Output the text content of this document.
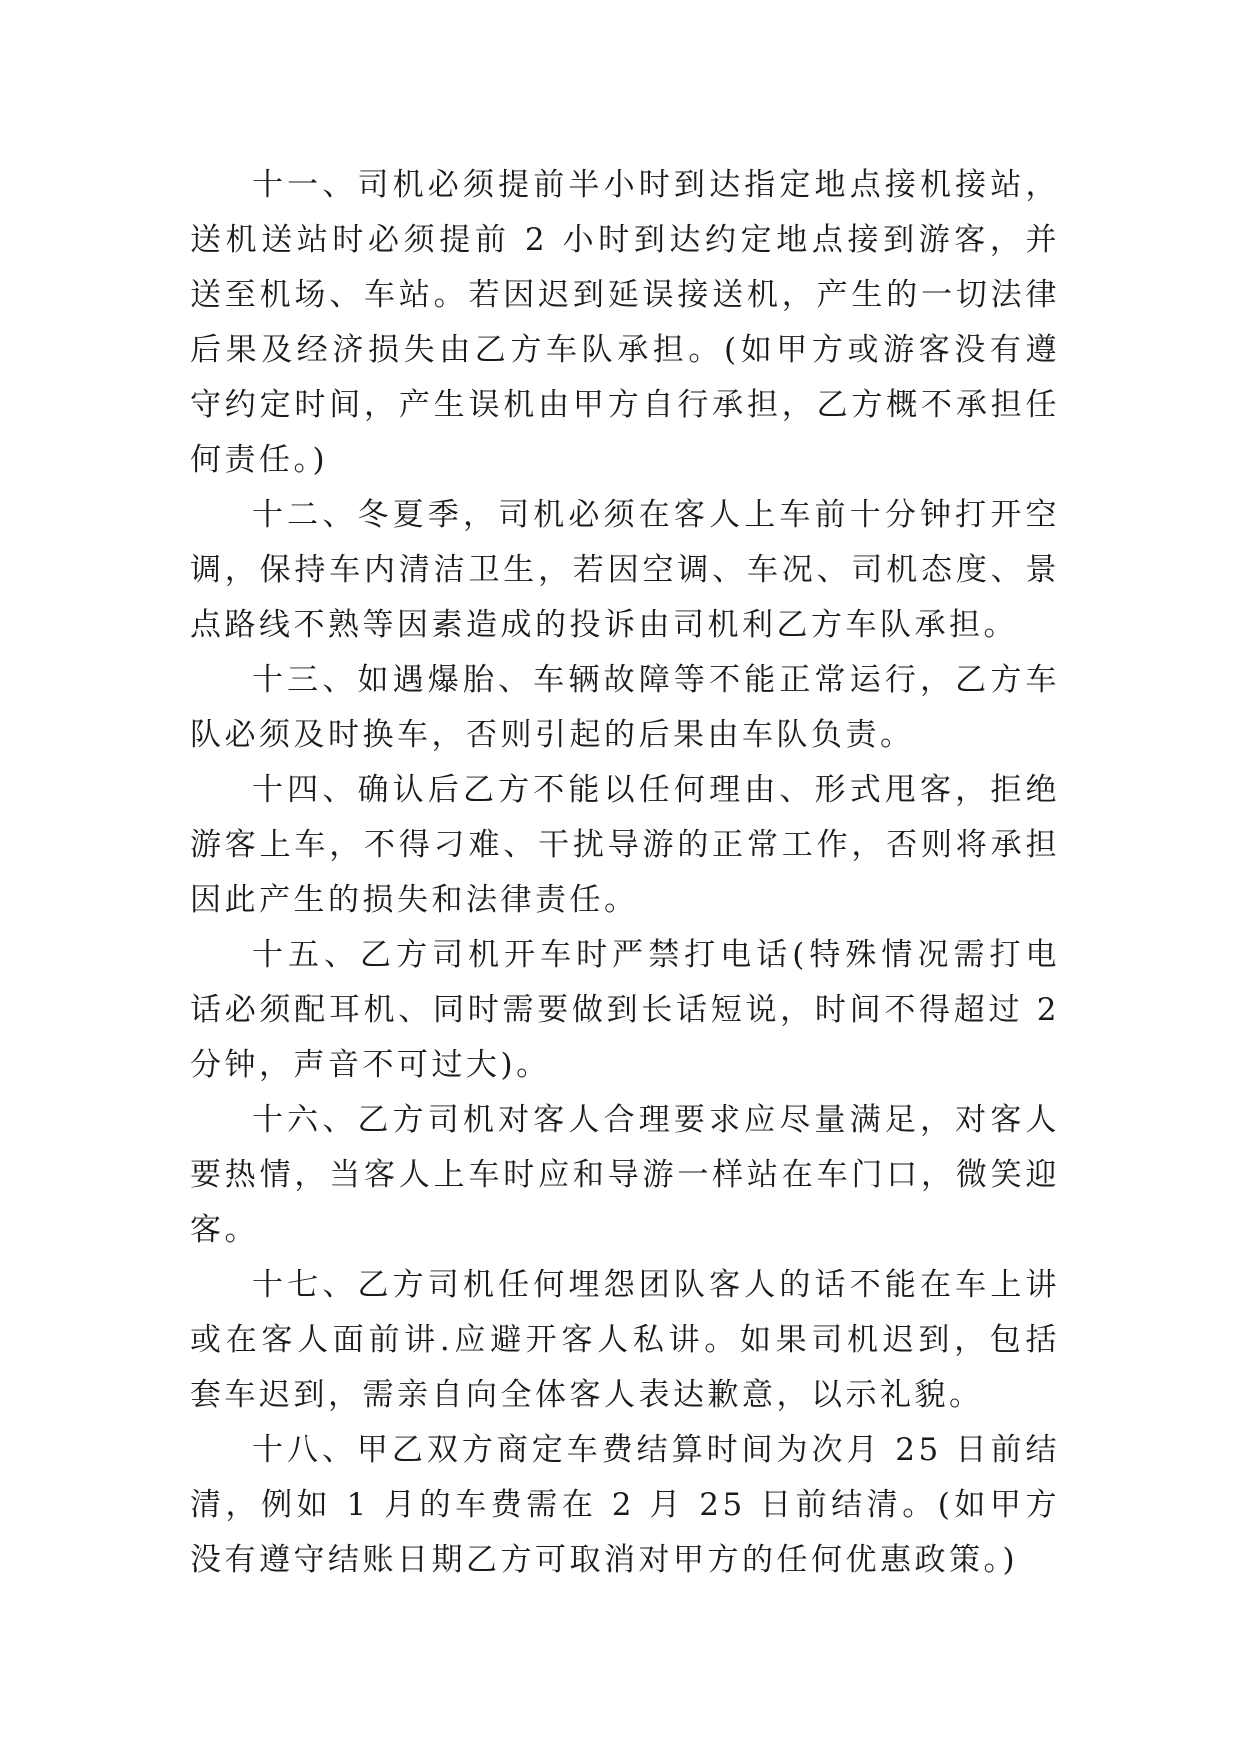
十一、司机必须提前半小时到达指定地点接机接站，送机送站时必须提前 2 小时到达约定地点接到游客，并送至机场、车站。若因迟到延误接送机，产生的一切法律后果及经济损失由乙方车队承担。(如甲方或游客没有遵守约定时间，产生误机由甲方自行承担，乙方概不承担任何责任。)

十二、冬夏季，司机必须在客人上车前十分钟打开空调，保持车内清洁卫生，若因空调、车况、司机态度、景点路线不熟等因素造成的投诉由司机利乙方车队承担。

十三、如遇爆胎、车辆故障等不能正常运行，乙方车队必须及时换车，否则引起的后果由车队负责。

十四、确认后乙方不能以任何理由、形式甩客，拒绝游客上车，不得刁难、干扰导游的正常工作，否则将承担因此产生的损失和法律责任。

十五、乙方司机开车时严禁打电话(特殊情况需打电话必须配耳机、同时需要做到长话短说，时间不得超过 2 分钟，声音不可过大)。

十六、乙方司机对客人合理要求应尽量满足，对客人要热情，当客人上车时应和导游一样站在车门口，微笑迎客。

十七、乙方司机任何埋怨团队客人的话不能在车上讲或在客人面前讲.应避开客人私讲。如果司机迟到，包括套车迟到，需亲自向全体客人表达歉意，以示礼貌。

十八、甲乙双方商定车费结算时间为次月 25 日前结清，例如 1 月的车费需在 2 月 25 日前结清。(如甲方没有遵守结账日期乙方可取消对甲方的任何优惠政策。)
